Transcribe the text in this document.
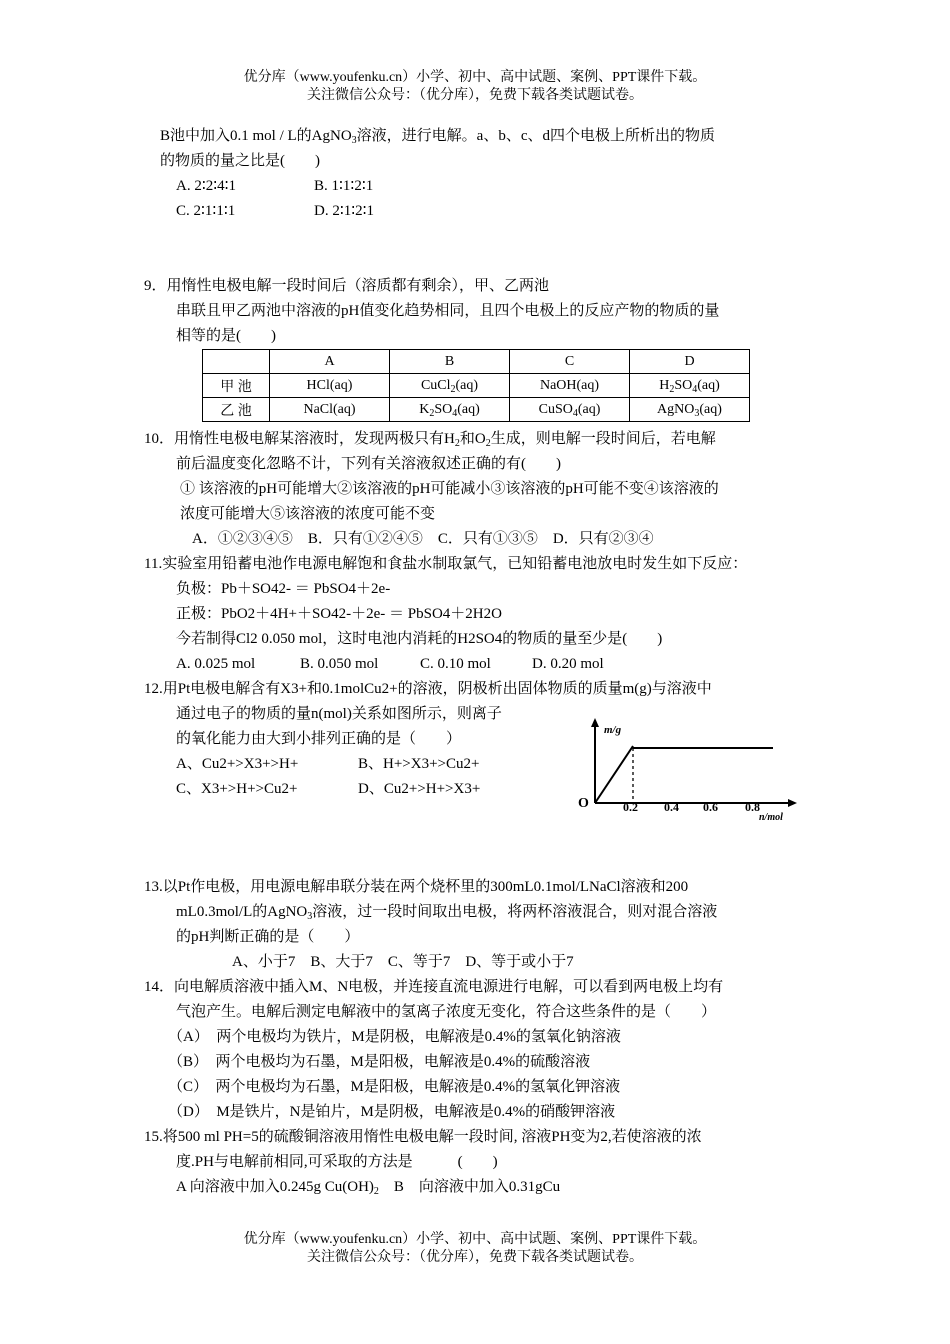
优分库（www.youfenku.cn）小学、初中、高中试题、案例、PPT课件下载。
关注微信公众号：（优分库），免费下载各类试题试卷。
B池中加入0.1 mol / L的AgNO$_3$溶液，进行电解。a、b、c、d四个电极上所析出的物质
的物质的量之比是(　　)
A. 2∶2∶4∶1	B. 1∶1∶2∶1
C. 2∶1∶1∶1	D. 2∶1∶2∶1
9．用惰性电极电解一段时间后（溶质都有剩余），甲、乙两池
串联且甲乙两池中溶液的pH值变化趋势相同，且四个电极上的反应产物的物质的量
相等的是(　　)
	A	B	C	D
甲 池	HCl(aq)	CuCl$_2$(aq)	NaOH(aq)	$H_2SO_4(aq)$
乙 池	NaCl(aq)	$K_2SO_4(aq)$	CuSO$_4$(aq)	AgNO$_3$(aq)
10．用惰性电极电解某溶液时，发现两极只有$H_2$和$O_2$生成，则电解一段时间后，若电解
前后温度变化忽略不计，下列有关溶液叙述正确的有(　　)
① 该溶液的pH可能增大②该溶液的pH可能减小③该溶液的pH可能不变④该溶液的
浓度可能增大⑤该溶液的浓度可能不变
A．①②③④⑤　B．只有①②④⑤　C．只有①③⑤　D．只有②③④
11.实验室用铅蓄电池作电源电解饱和食盐水制取氯气，已知铅蓄电池放电时发生如下反应：
负极：Pb＋SO42- ＝ PbSO4＋2e-
正极：PbO2＋4H+＋SO42-＋2e- ＝ PbSO4＋2H2O
今若制得Cl2 0.050 mol，这时电池内消耗的H2SO4的物质的量至少是(　　)
A. 0.025 mol	B. 0.050 mol	C. 0.10 mol	D. 0.20 mol
12.用Pt电极电解含有X3+和0.1molCu2+的溶液，阴极析出固体物质的质量m(g)与溶液中
通过电子的物质的量n(mol)关系如图所示，则离子
的氧化能力由大到小排列正确的是（　　）
A、Cu2+>X3+>H+	B、H+>X3+>Cu2+
C、X3+>H+>Cu2+	D、Cu2+>H+>X3+
m/g
O	0.2 0.4 0.6 0.8
n/mol
13.以Pt作电极，用电源电解串联分装在两个烧杯里的300mL0.1mol/LNaCl溶液和200
mL0.3mol/L的AgNO$_3$溶液，过一段时间取出电极，将两杯溶液混合，则对混合溶液
的pH判断正确的是（　　）
A、小于7　B、大于7　C、等于7　D、等于或小于7
14．向电解质溶液中插入M、N电极，并连接直流电源进行电解，可以看到两电极上均有
气泡产生。电解后测定电解液中的氢离子浓度无变化，符合这些条件的是（　　）
（A）　两个电极均为铁片，M是阴极，电解液是0.4%的氢氧化钠溶液
（B）　两个电极均为石墨，M是阳极，电解液是0.4%的硫酸溶液
（C）　两个电极均为石墨，M是阳极，电解液是0.4%的氢氧化钾溶液
（D）　M是铁片，N是铂片，M是阴极，电解液是0.4%的硝酸钾溶液
15.将500 ml PH=5的硫酸铜溶液用惰性电极电解一段时间, 溶液PH变为2,若使溶液的浓
度.PH与电解前相同,可采取的方法是　　　(　　)
A 向溶液中加入0.245g $Cu(OH)_2$　B　向溶液中加入0.31gCu
优分库（www.youfenku.cn）小学、初中、高中试题、案例、PPT课件下载。
关注微信公众号：（优分库），免费下载各类试题试卷。
